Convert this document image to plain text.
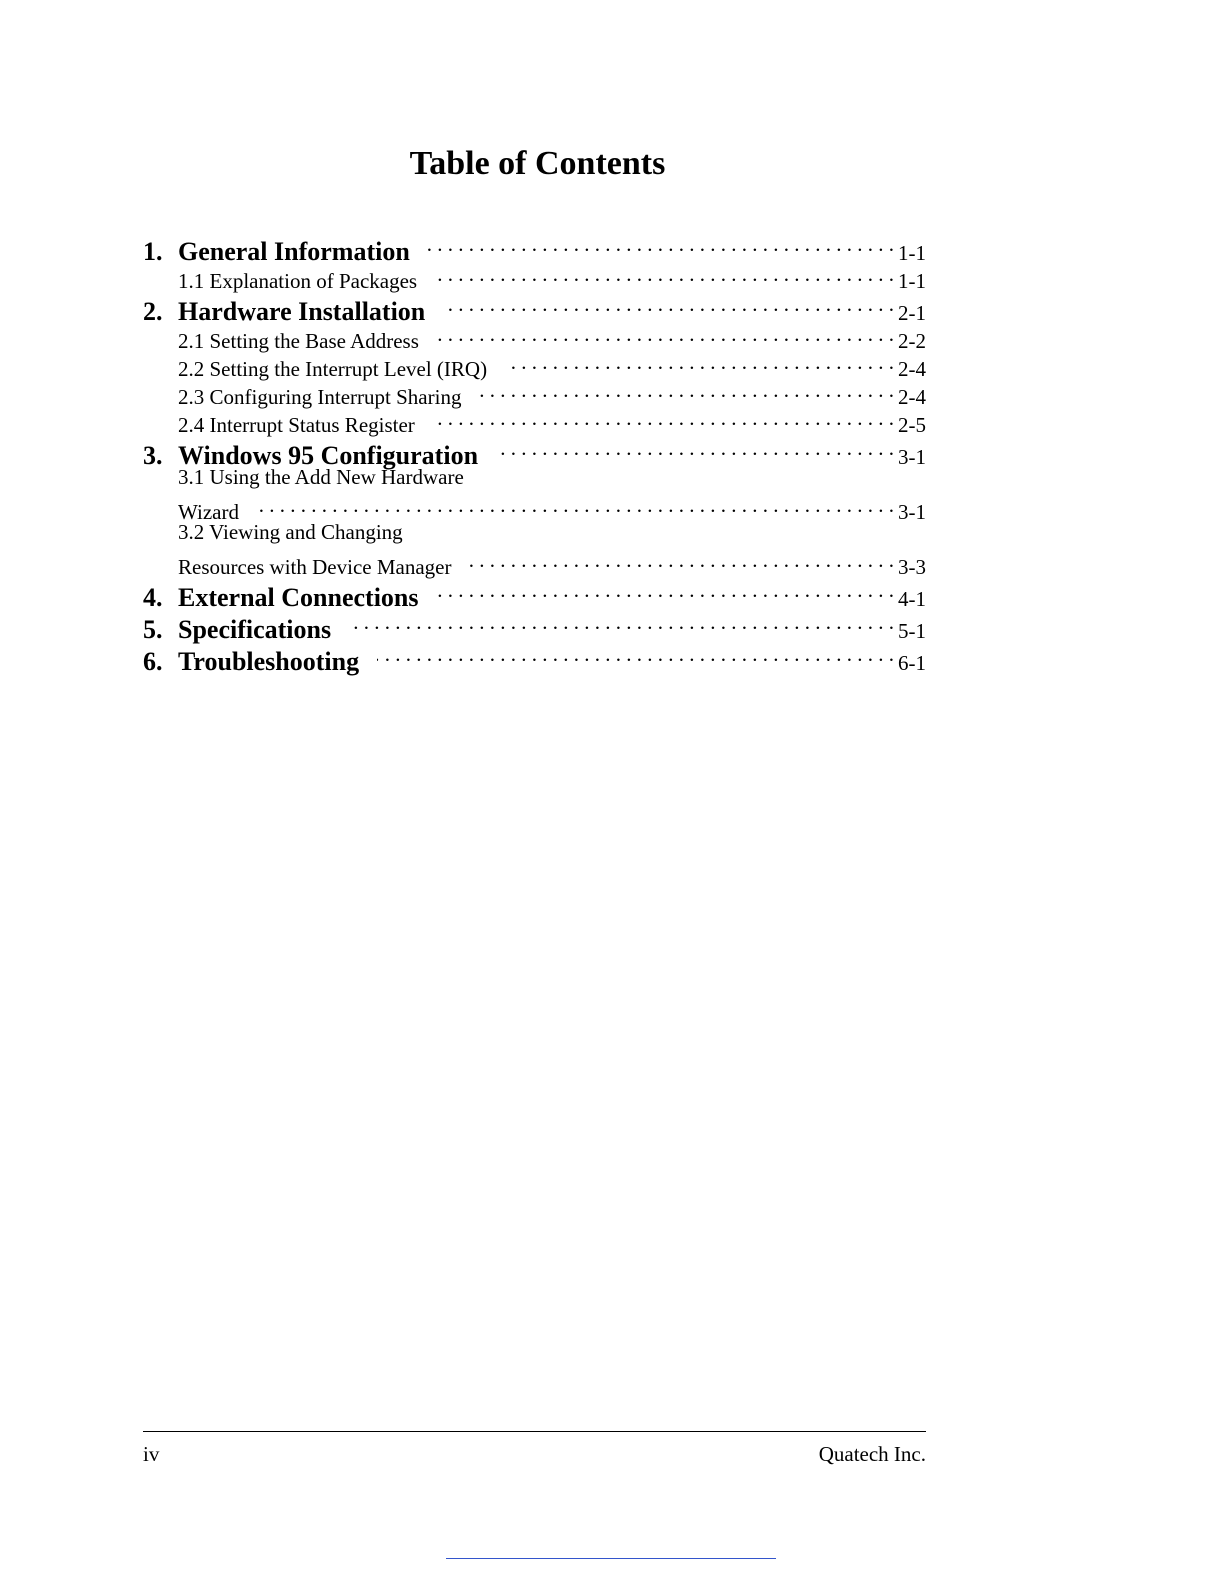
Table of Contents
1. General Information . . .	1-1
1.1 Explanation of Packages . . .	1-1
2. Hardware Installation . . .	2-1
2.1 Setting the Base Address . . .	2-2
2.2 Setting the Interrupt Level (IRQ) . . .	2-4
2.3 Configuring Interrupt Sharing . . .	2-4
2.4 Interrupt Status Register . . .	2-5
3. Windows 95 Configuration . . .	3-1
3.1 Using the Add New Hardware
Wizard . . .	3-1
3.2 Viewing and Changing
Resources with Device Manager . . .	3-3
4. External Connections . . .	4-1
5. Specifications . . .	5-1
6. Troubleshooting . . .	6-1
iv	Quatech Inc.
